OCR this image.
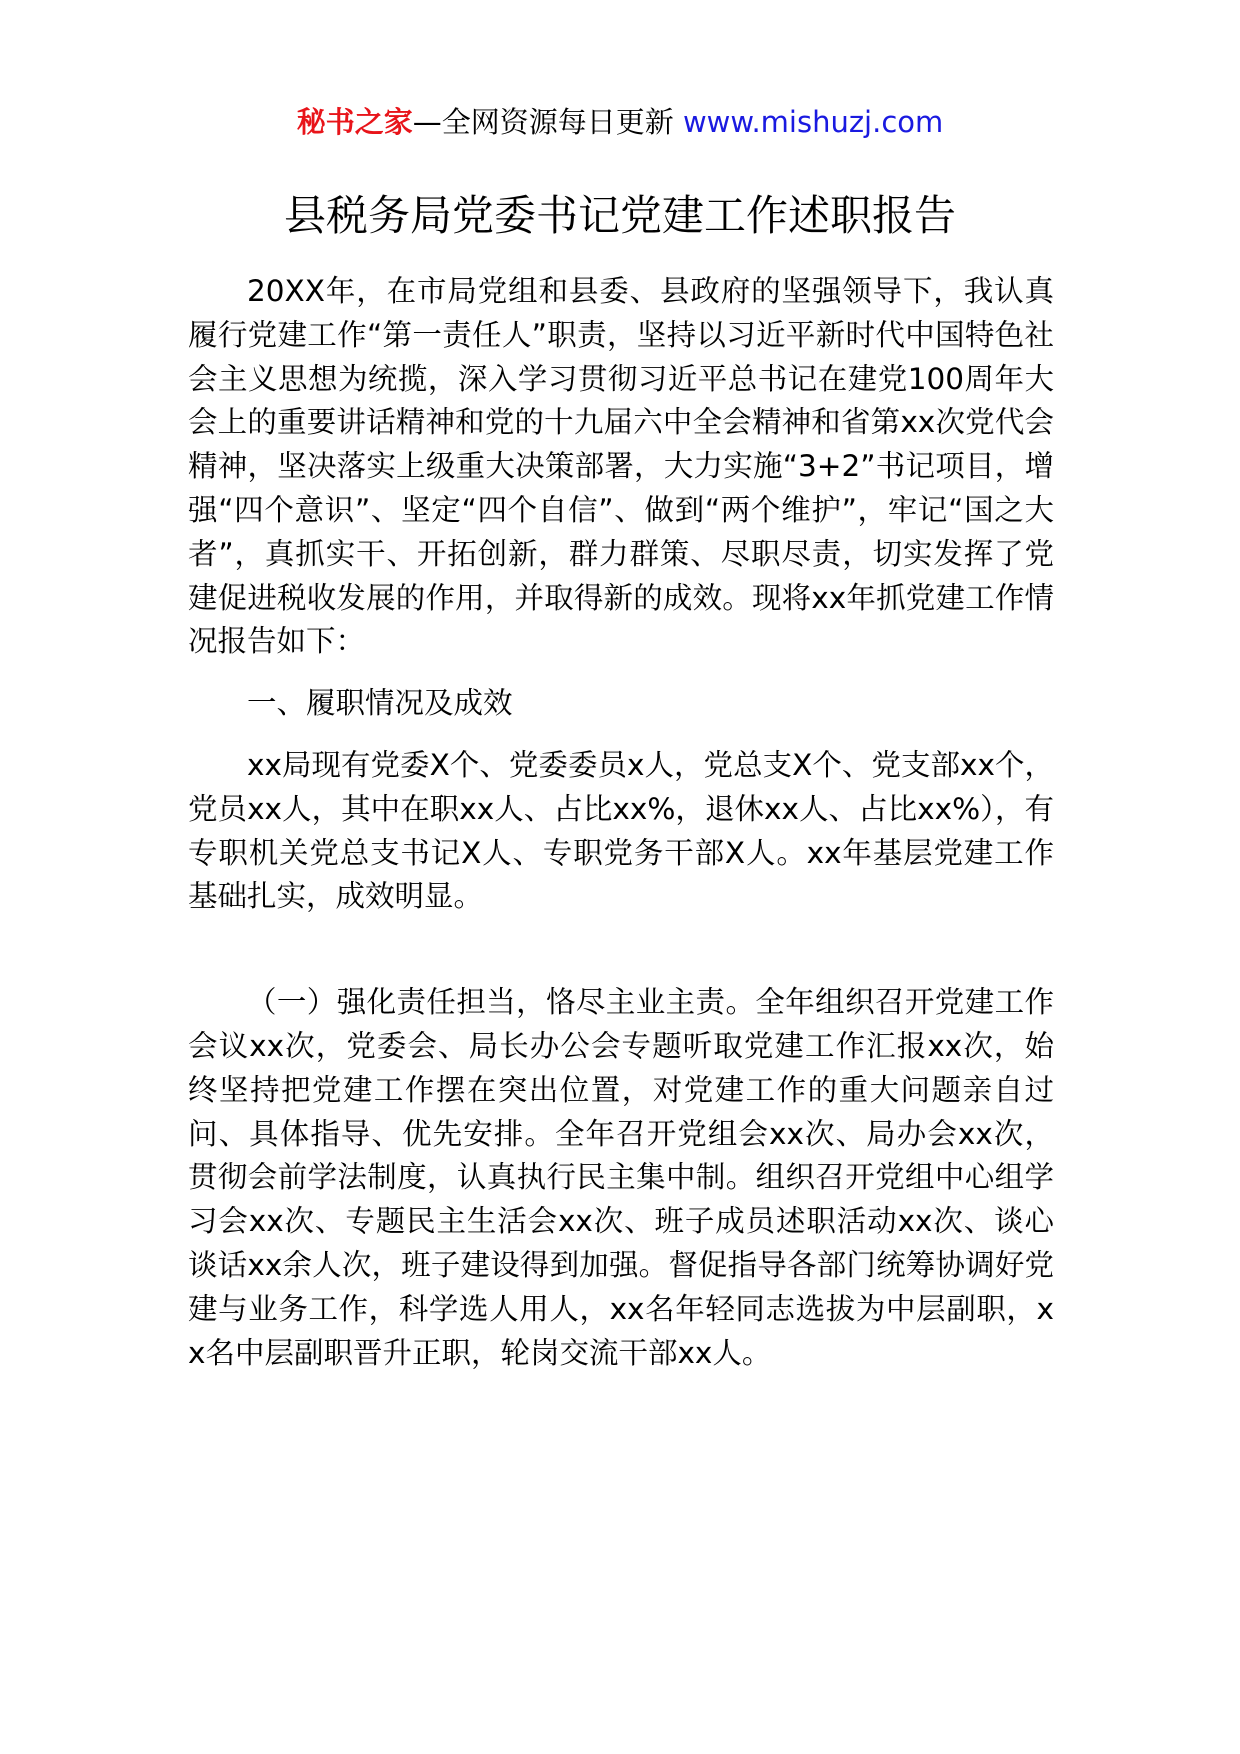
秘书之家—全网资源每日更新 www.mishuzj.com
县税务局党委书记党建工作述职报告

20XX年，在市局党组和县委、县政府的坚强领导下，我认真履行党建工作“第一责任人”职责，坚持以习近平新时代中国特色社会主义思想为统揽，深入学习贯彻习近平总书记在建党100周年大会上的重要讲话精神和党的十九届六中全会精神和省第xx次党代会精神，坚决落实上级重大决策部署，大力实施“3+2”书记项目，增强“四个意识”、坚定“四个自信”、做到“两个维护”，牢记“国之大者”，真抓实干、开拓创新，群力群策、尽职尽责，切实发挥了党建促进税收发展的作用，并取得新的成效。现将xx年抓党建工作情况报告如下：

一、履职情况及成效

xx局现有党委X个、党委委员x人，党总支X个、党支部xx个，党员xx人，其中在职xx人、占比xx%，退休xx人、占比xx%），有专职机关党总支书记X人、专职党务干部X人。xx年基层党建工作基础扎实，成效明显。

（一）强化责任担当，恪尽主业主责。全年组织召开党建工作会议xx次，党委会、局长办公会专题听取党建工作汇报xx次，始终坚持把党建工作摆在突出位置，对党建工作的重大问题亲自过问、具体指导、优先安排。全年召开党组会xx次、局办会xx次，贯彻会前学法制度，认真执行民主集中制。组织召开党组中心组学习会xx次、专题民主生活会xx次、班子成员述职活动xx次、谈心谈话xx余人次，班子建设得到加强。督促指导各部门统筹协调好党建与业务工作，科学选人用人，xx名年轻同志选拔为中层副职，xx名中层副职晋升正职，轮岗交流干部xx人。
